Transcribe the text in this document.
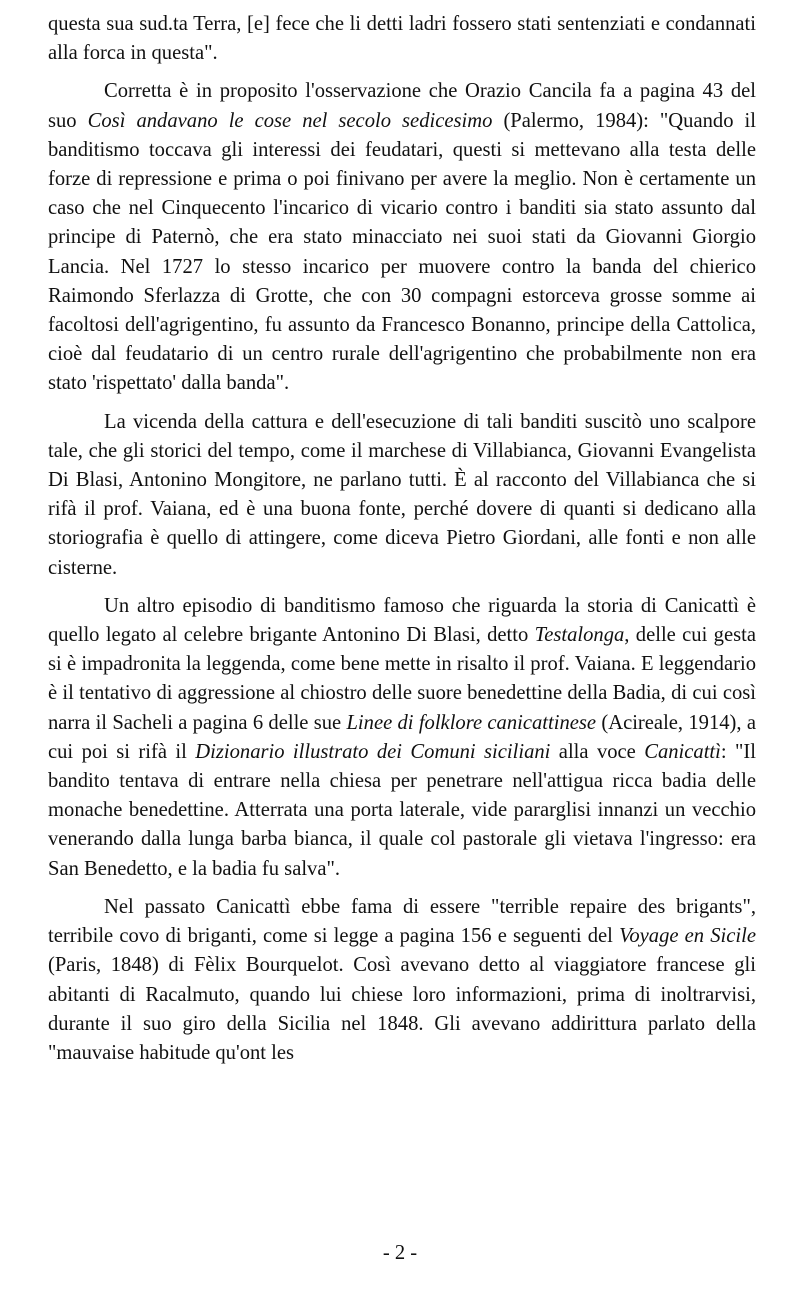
questa sua sud.ta Terra, [e] fece che li detti ladri fossero stati sentenziati e condannati alla forca in questa".

Corretta è in proposito l'osservazione che Orazio Cancila fa a pagina 43 del suo Così andavano le cose nel secolo sedicesimo (Palermo, 1984): "Quando il banditismo toccava gli interessi dei feudatari, questi si mettevano alla testa delle forze di repressione e prima o poi finivano per avere la meglio. Non è certamente un caso che nel Cinquecento l'incarico di vicario contro i banditi sia stato assunto dal principe di Paternò, che era stato minacciato nei suoi stati da Giovanni Giorgio Lancia. Nel 1727 lo stesso incarico per muovere contro la banda del chierico Raimondo Sferlazza di Grotte, che con 30 compagni estorceva grosse somme ai facoltosi dell'agrigentino, fu assunto da Francesco Bonanno, principe della Cattolica, cioè dal feudatario di un centro rurale dell'agrigentino che probabilmente non era stato 'rispettato' dalla banda".

La vicenda della cattura e dell'esecuzione di tali banditi suscitò uno scalpore tale, che gli storici del tempo, come il marchese di Villabianca, Giovanni Evangelista Di Blasi, Antonino Mongitore, ne parlano tutti. È al racconto del Villabianca che si rifà il prof. Vaiana, ed è una buona fonte, perché dovere di quanti si dedicano alla storiografia è quello di attingere, come diceva Pietro Giordani, alle fonti e non alle cisterne.

Un altro episodio di banditismo famoso che riguarda la storia di Canicattì è quello legato al celebre brigante Antonino Di Blasi, detto Testalonga, delle cui gesta si è impadronita la leggenda, come bene mette in risalto il prof. Vaiana. E leggendario è il tentativo di aggressione al chiostro delle suore benedettine della Badia, di cui così narra il Sacheli a pagina 6 delle sue Linee di folklore canicattinese (Acireale, 1914), a cui poi si rifà il Dizionario illustrato dei Comuni siciliani alla voce Canicattì: "Il bandito tentava di entrare nella chiesa per penetrare nell'attigua ricca badia delle monache benedettine. Atterrata una porta laterale, vide pararglisi innanzi un vecchio venerando dalla lunga barba bianca, il quale col pastorale gli vietava l'ingresso: era San Benedetto, e la badia fu salva".

Nel passato Canicattì ebbe fama di essere "terrible repaire des brigants", terribile covo di briganti, come si legge a pagina 156 e seguenti del Voyage en Sicile (Paris, 1848) di Fèlix Bourquelot. Così avevano detto al viaggiatore francese gli abitanti di Racalmuto, quando lui chiese loro informazioni, prima di inoltrarvisi, durante il suo giro della Sicilia nel 1848. Gli avevano addirittura parlato della "mauvaise habitude qu'ont les

- 2 -
